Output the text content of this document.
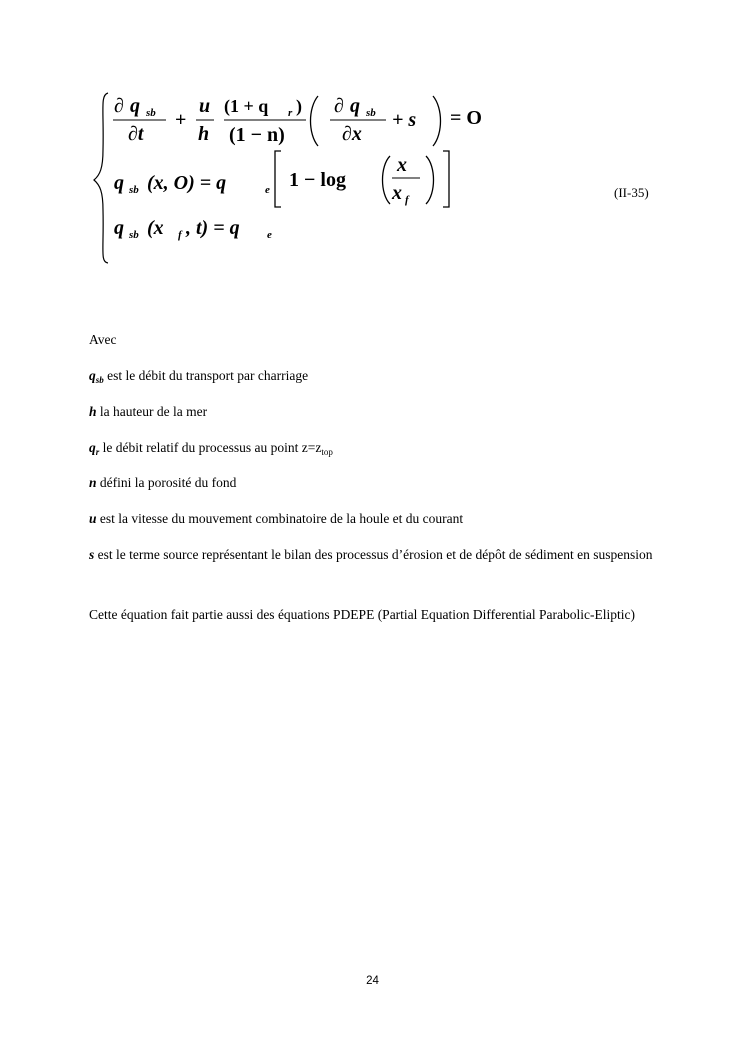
∂ q sb
∂t
+
u
h
(1 + q r )
(1 − n)
∂ q sb
∂x
+ s = O
q sb (x, O) = q	e 1 − log
x
x f
q sb (x f , t) = q e
(II-35)
Avec
$q_{sb}$ est le débit du transport par charriage
h la hauteur de la mer
$q_r$ le débit relatif du processus au point $z=z_{top}$
n défini la porosité du fond
u est la vitesse du mouvement combinatoire de la houle et du courant
s est le terme source représentant le bilan des processus d’érosion et de dépôt de sédiment en suspension
Cette équation fait partie aussi des équations PDEPE (Partial Equation Differential Parabolic-Eliptic)
24
